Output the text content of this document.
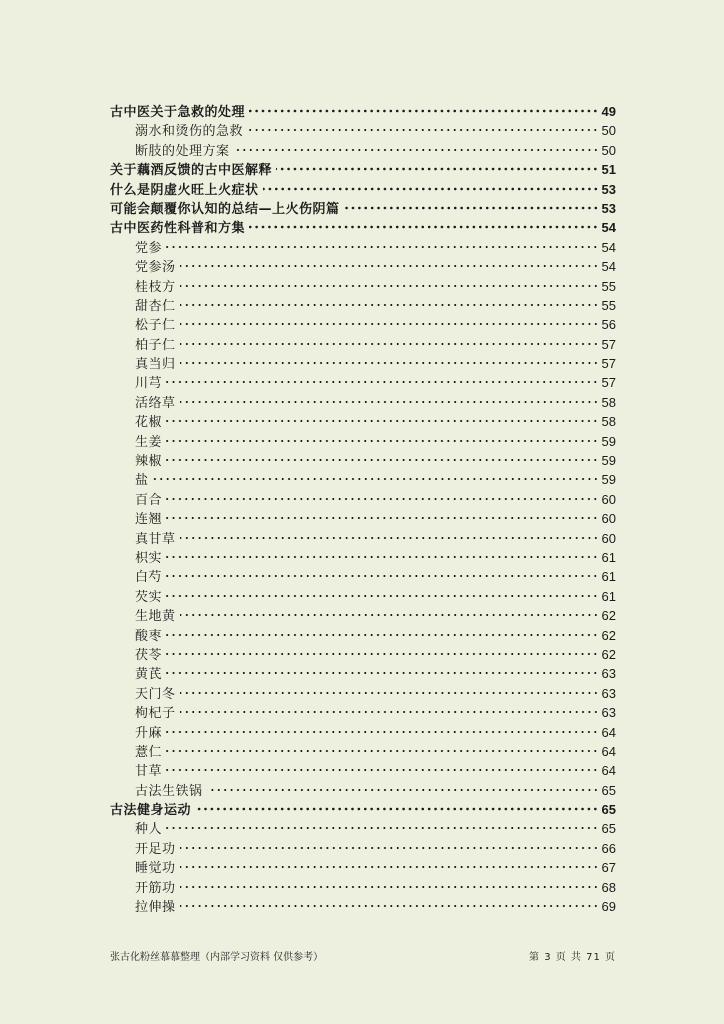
古中医关于急救的处理	49
溺水和烫伤的急救	50
断肢的处理方案	50
关于藕酒反馈的古中医解释	51
什么是阴虚火旺上火症状	53
可能会颠覆你认知的总结—上火伤阴篇	53
古中医药性科普和方集	54
党参	54
党参汤	54
桂枝方	55
甜杏仁	55
松子仁	56
柏子仁	57
真当归	57
川芎	57
活络草	58
花椒	58
生姜	59
辣椒	59
盐	59
百合	60
连翘	60
真甘草	60
枳实	61
白芍	61
芡实	61
生地黄	62
酸枣	62
茯苓	62
黄芪	63
天门冬	63
枸杞子	63
升麻	64
薏仁	64
甘草	64
古法生铁锅	65
古法健身运动	65
种人	65
开足功	66
睡觉功	67
开筋功	68
拉伸操	69
张古化粉丝慕慕整理（内部学习资料 仅供参考）	第 3 页 共 71 页
